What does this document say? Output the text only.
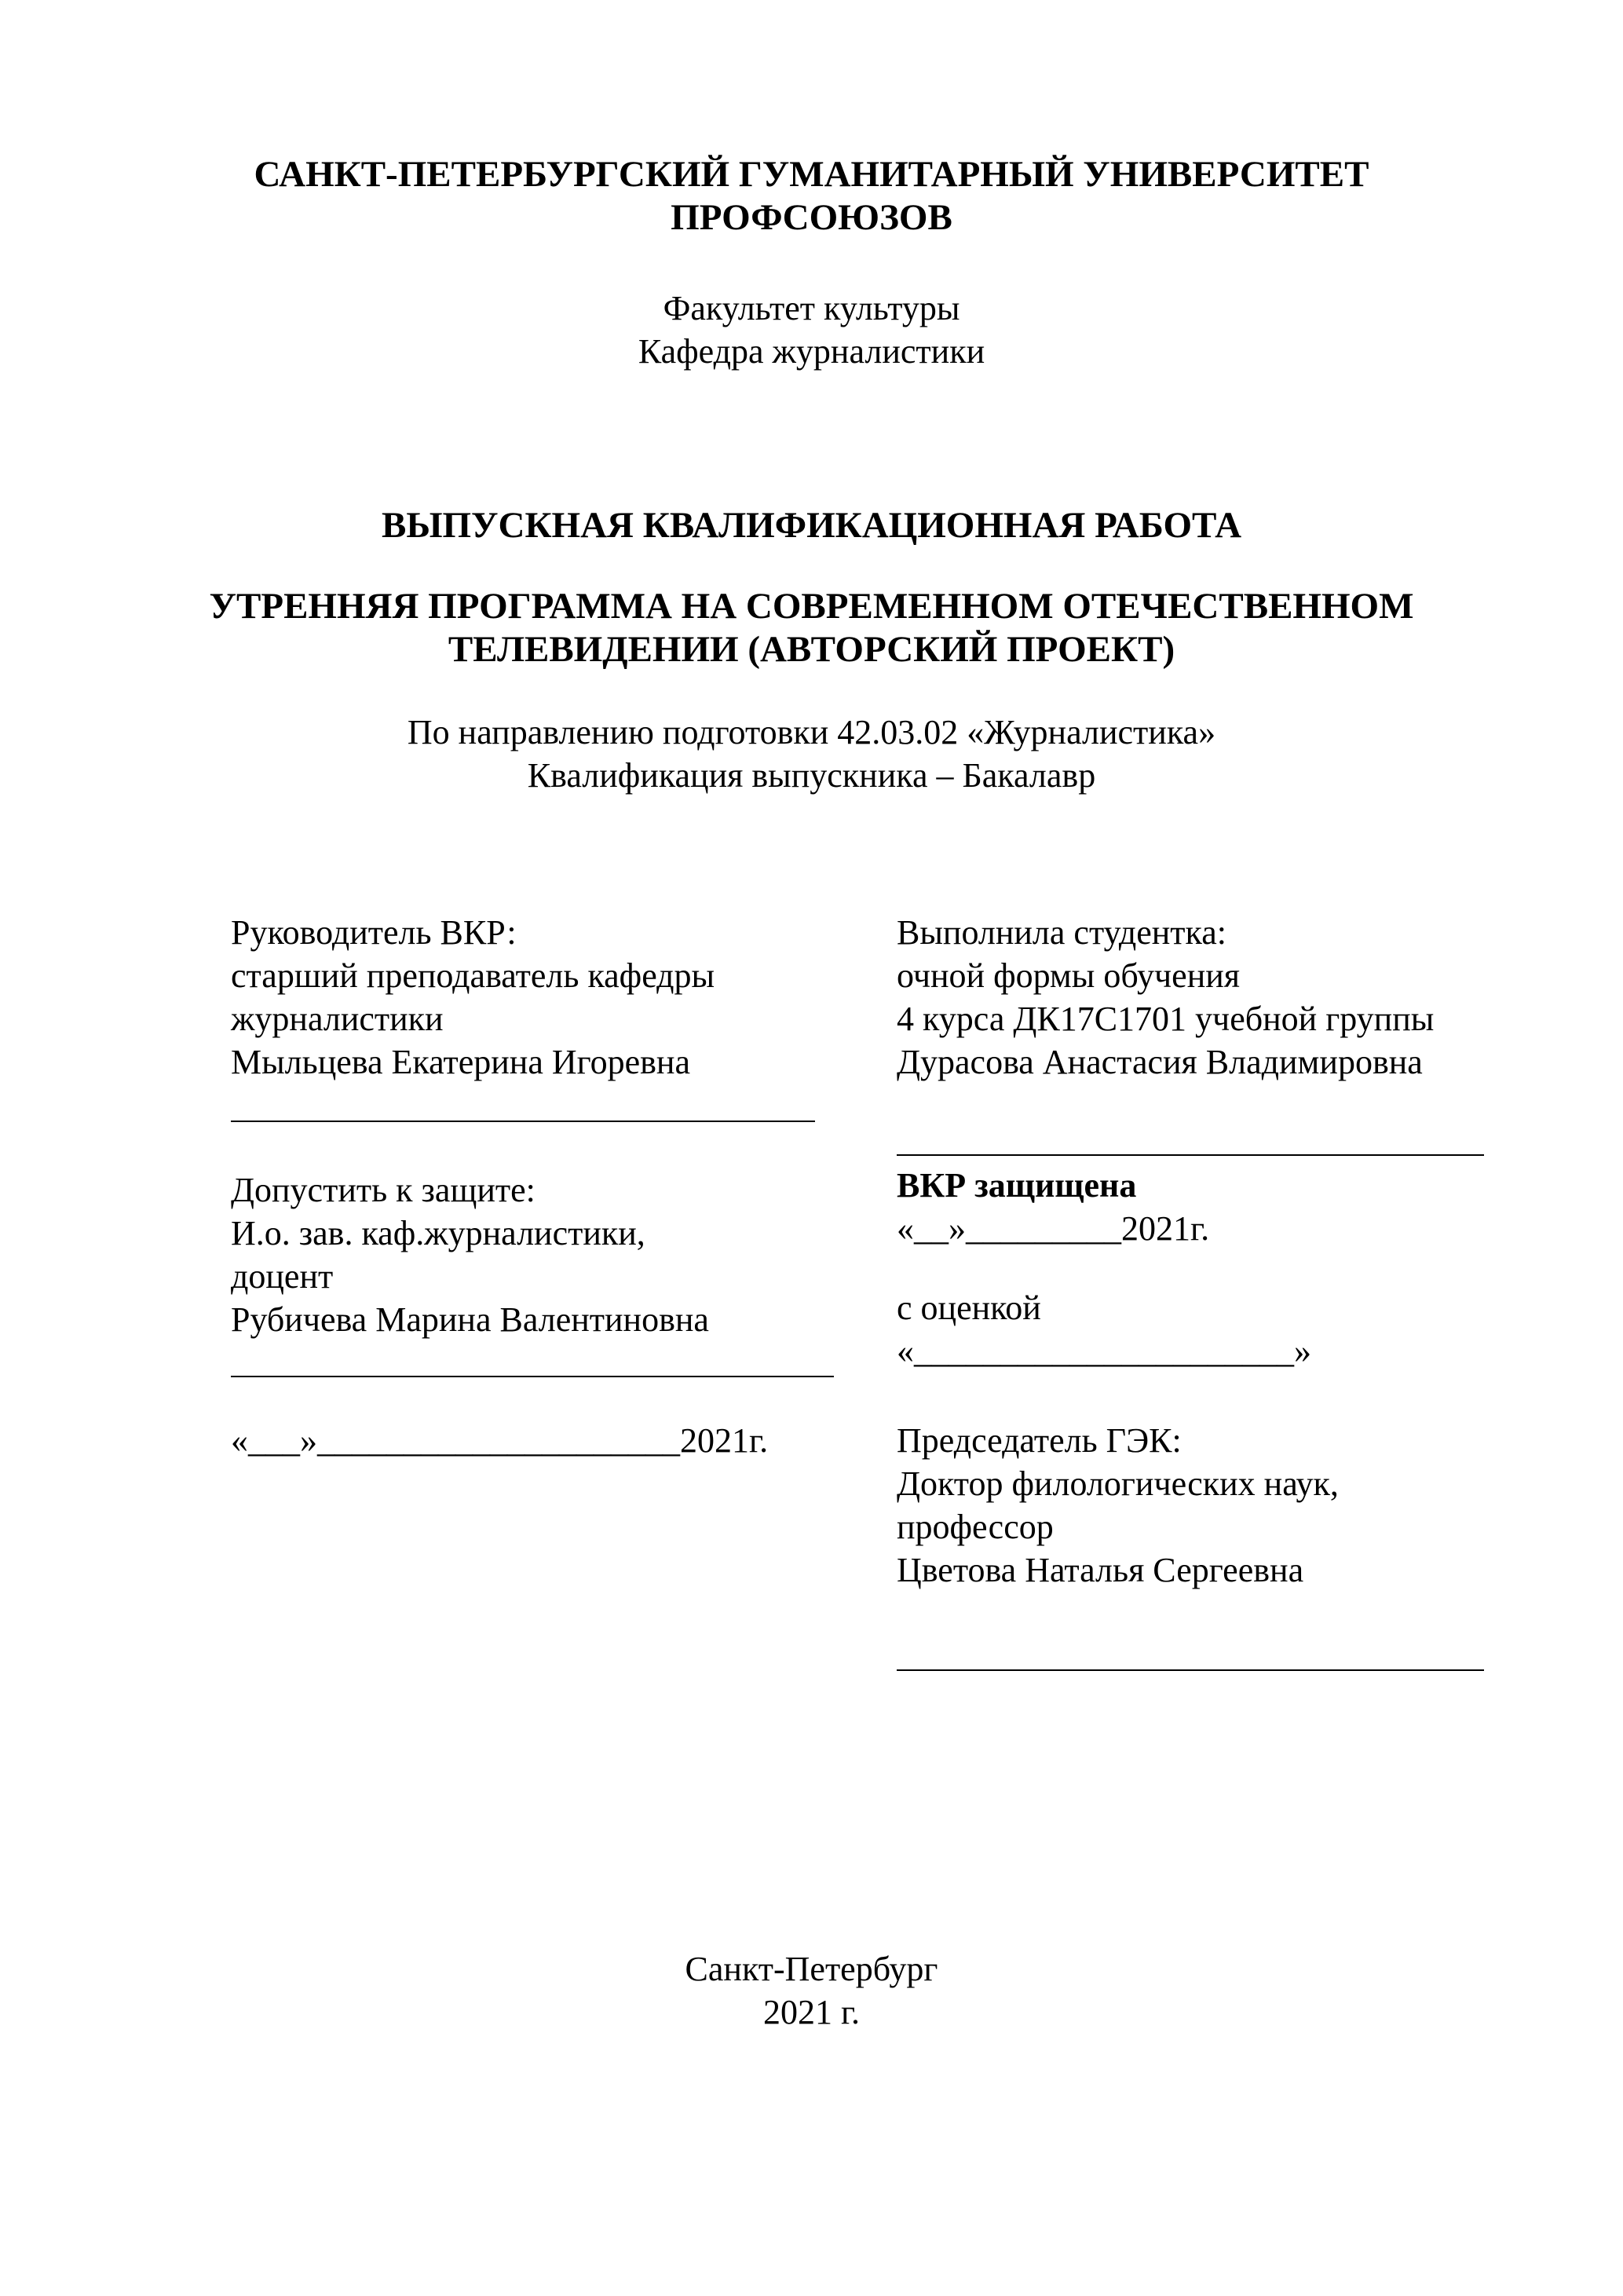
САНКТ-ПЕТЕРБУРГСКИЙ ГУМАНИТАРНЫЙ УНИВЕРСИТЕТ

ПРОФСОЮЗОВ

Факультет культуры

Кафедра журналистики

ВЫПУСКНАЯ КВАЛИФИКАЦИОННАЯ РАБОТА

УТРЕННЯЯ ПРОГРАММА НА СОВРЕМЕННОМ ОТЕЧЕСТВЕННОМ

ТЕЛЕВИДЕНИИ (АВТОРСКИЙ ПРОЕКТ)

По направлению подготовки 42.03.02 «Журналистика»

Квалификация выпускника – Бакалавр

Руководитель ВКР:
старший преподаватель кафедры
журналистики
Мыльцева Екатерина Игоревна
Допустить к защите:
И.о. зав. каф.журналистики,
доцент
Рубичева Марина Валентиновна
«___»_____________________2021г.
Выполнила студентка:
очной формы обучения
4 курса ДК17С1701 учебной группы
Дурасова Анастасия Владимировна
ВКР защищена
«__»_________2021г.
с оценкой
«______________________»
Председатель ГЭК:
Доктор филологических наук,
профессор
Цветова Наталья Сергеевна

Санкт-Петербург

2021 г.
